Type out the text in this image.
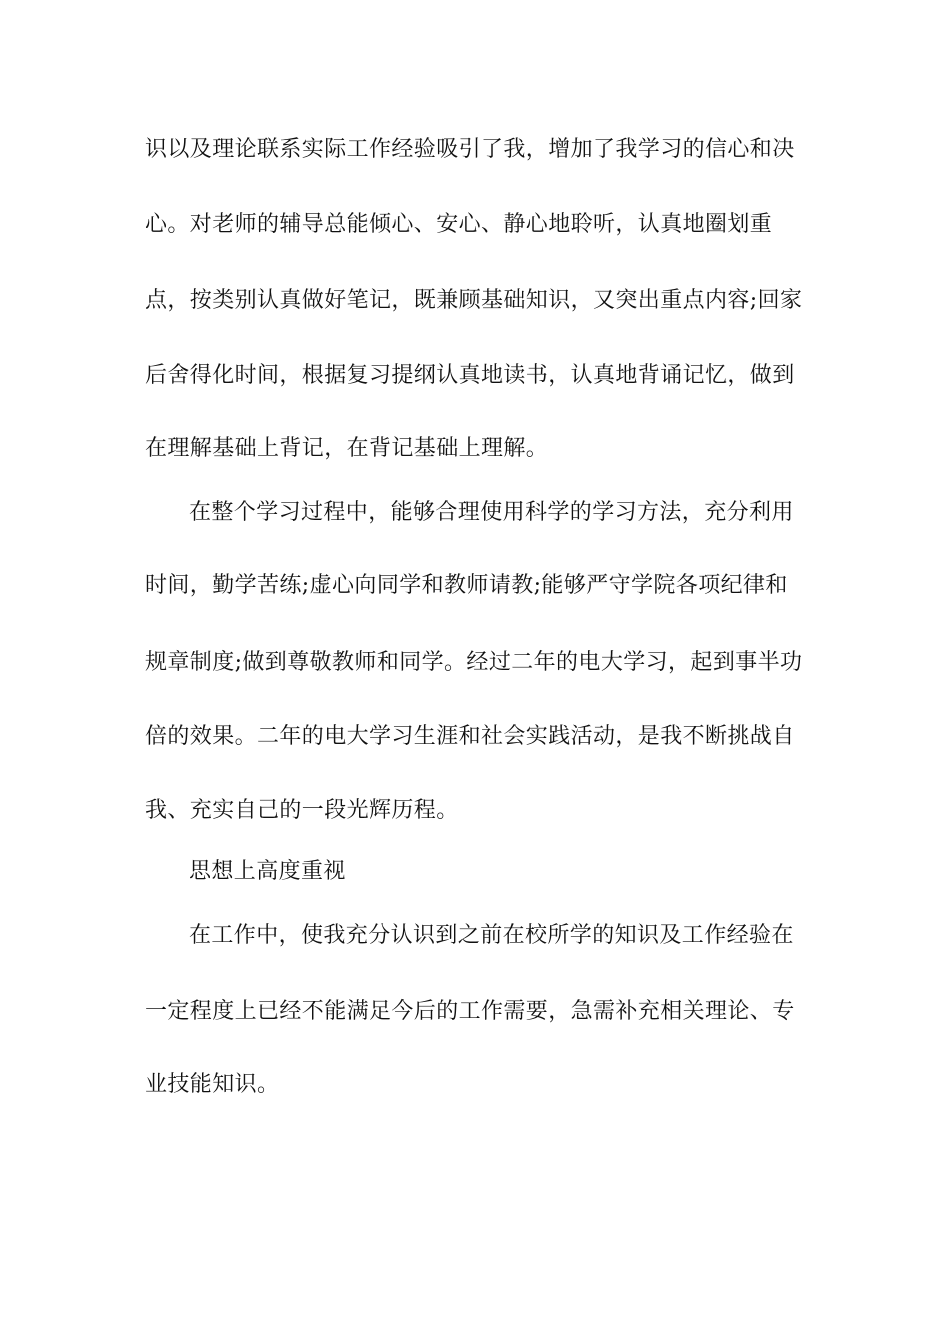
识以及理论联系实际工作经验吸引了我，增加了我学习的信心和决
心。对老师的辅导总能倾心、安心、静心地聆听，认真地圈划重
点，按类别认真做好笔记，既兼顾基础知识，又突出重点内容;回家
后舍得化时间，根据复习提纲认真地读书，认真地背诵记忆，做到
在理解基础上背记，在背记基础上理解。
在整个学习过程中，能够合理使用科学的学习方法，充分利用
时间，勤学苦练;虚心向同学和教师请教;能够严守学院各项纪律和
规章制度;做到尊敬教师和同学。经过二年的电大学习，起到事半功
倍的效果。二年的电大学习生涯和社会实践活动，是我不断挑战自
我、充实自己的一段光辉历程。
思想上高度重视
在工作中，使我充分认识到之前在校所学的知识及工作经验在
一定程度上已经不能满足今后的工作需要，急需补充相关理论、专
业技能知识。
